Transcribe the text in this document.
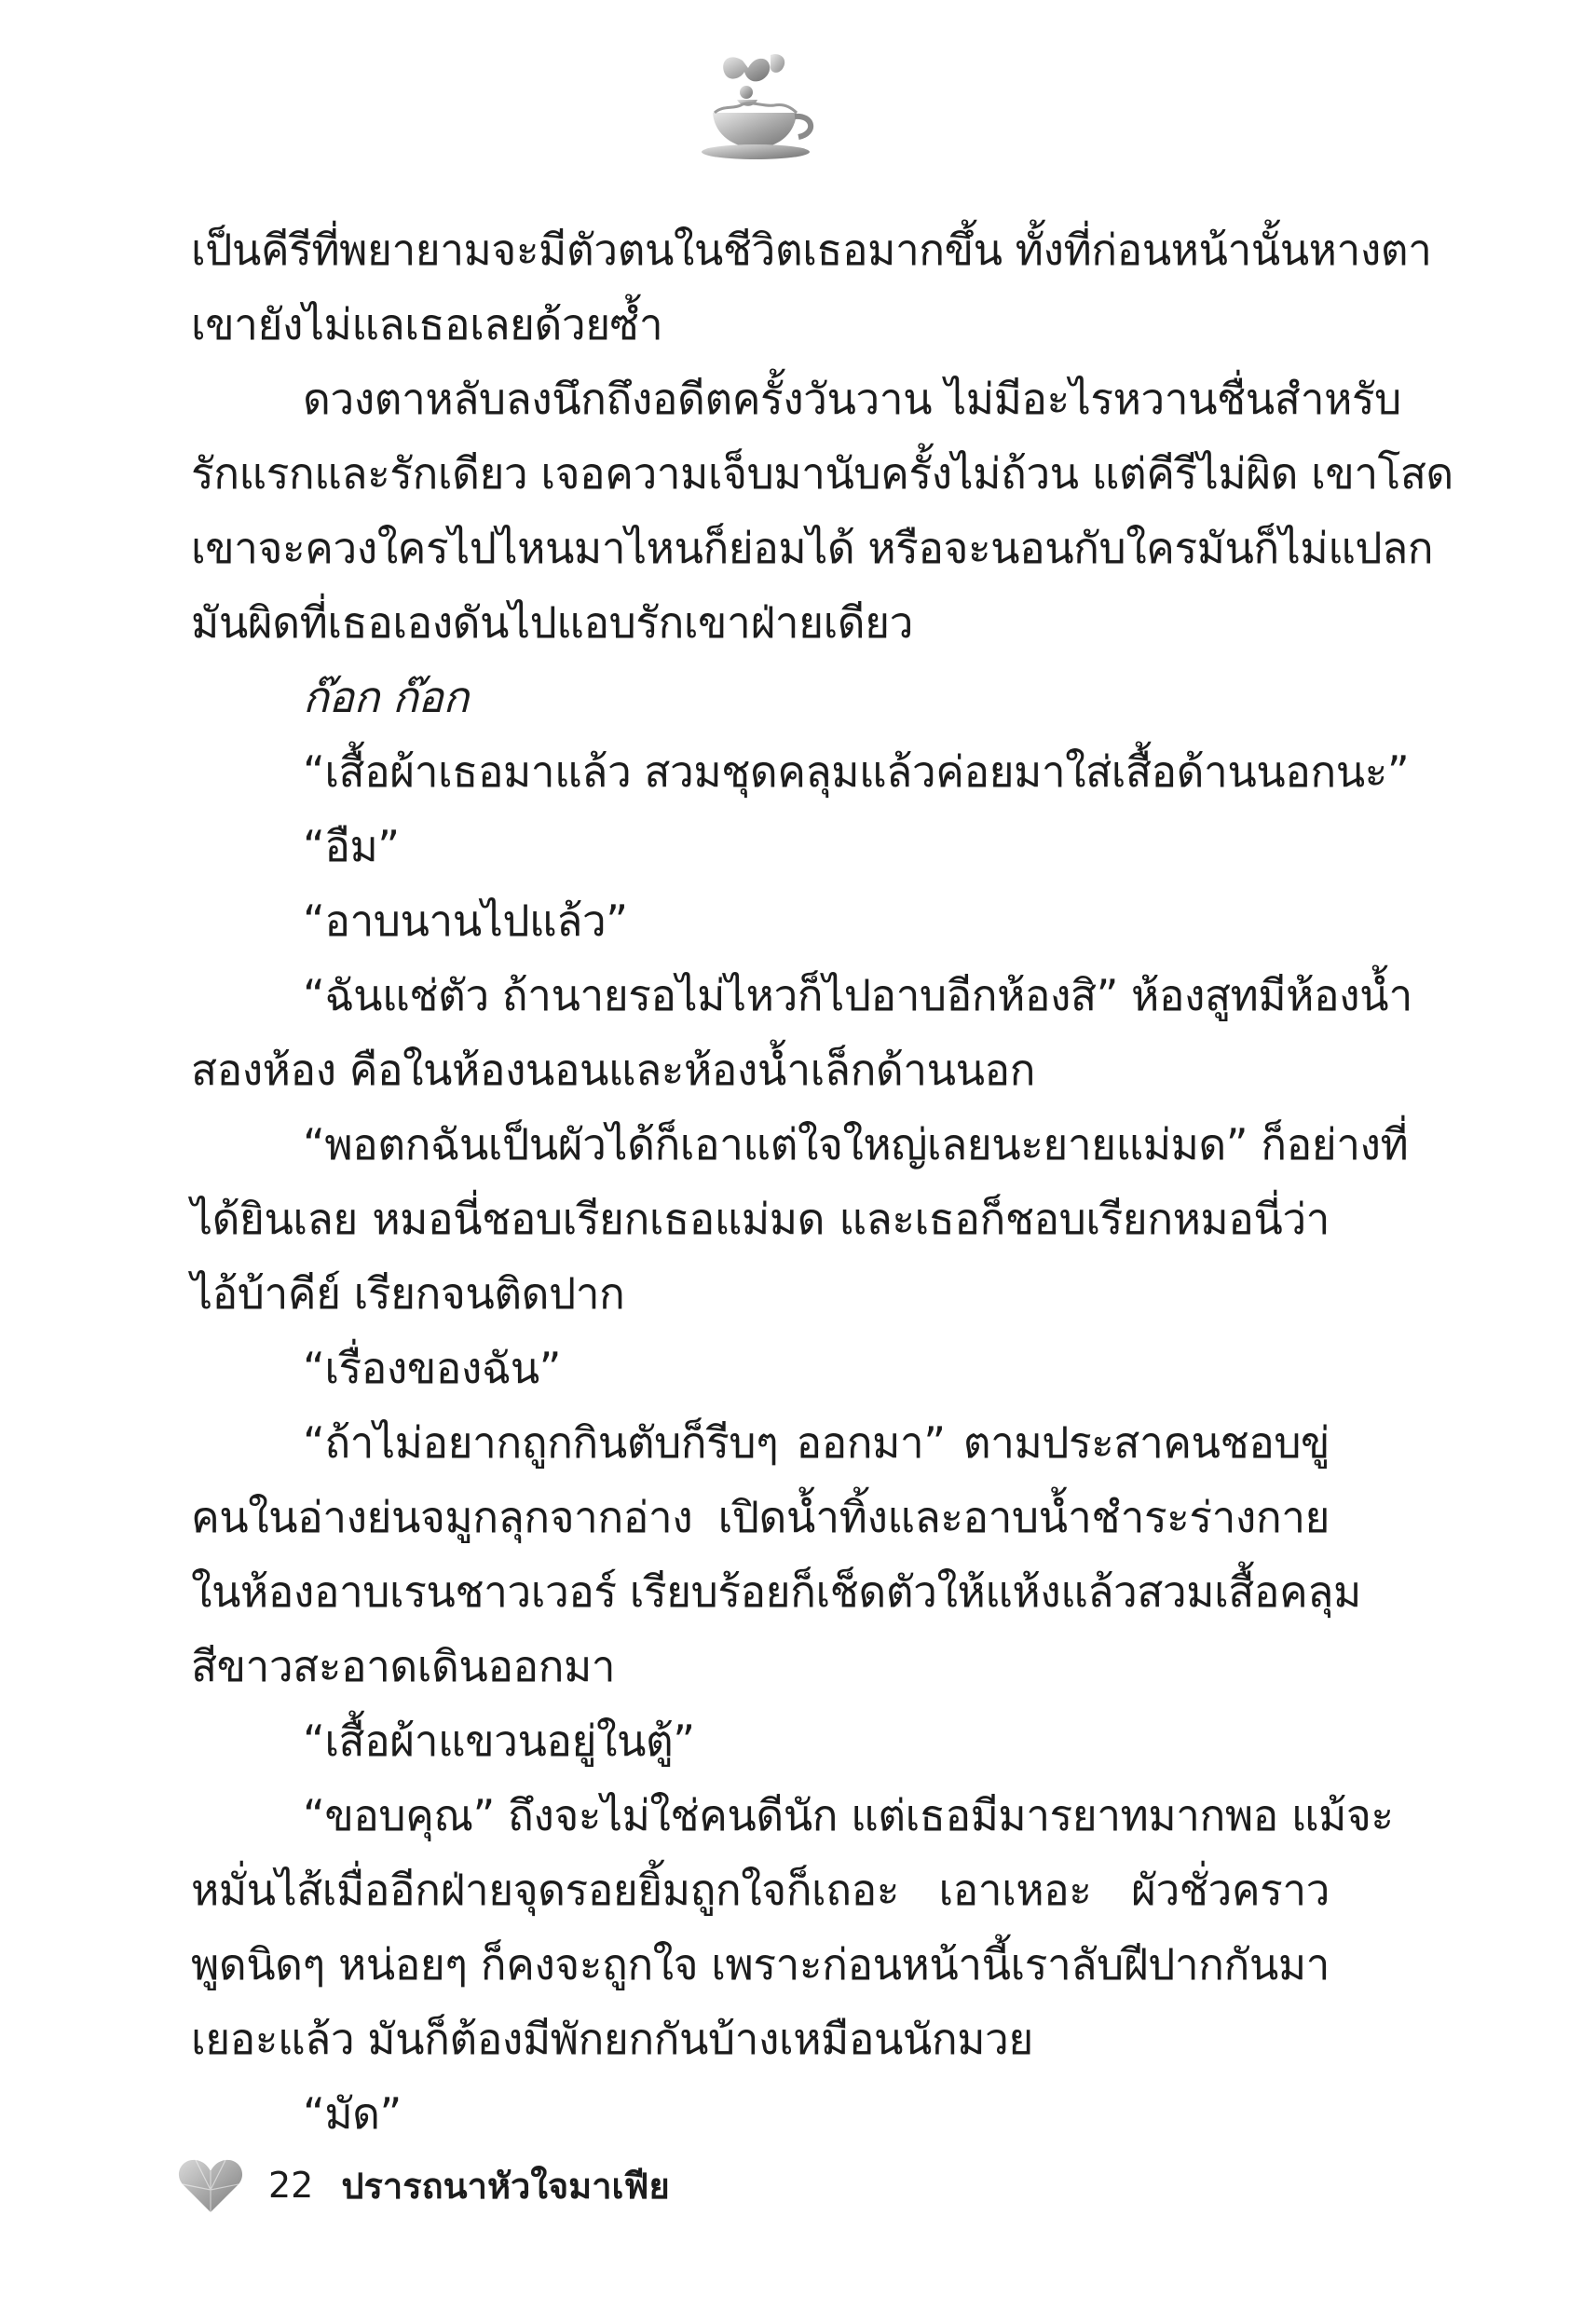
เป็นคีรีที่พยายามจะมีตัวตนในชีวิตเธอมากขึ้น ทั้งที่ก่อนหน้านั้นหางตา
เขายังไม่แลเธอเลยด้วยซ้ำ
ดวงตาหลับลงนึกถึงอดีตครั้งวันวาน ไม่มีอะไรหวานชื่นสำหรับ
รักแรกและรักเดียว เจอความเจ็บมานับครั้งไม่ถ้วน แต่คีรีไม่ผิด เขาโสด
เขาจะควงใครไปไหนมาไหนก็ย่อมได้ หรือจะนอนกับใครมันก็ไม่แปลก
มันผิดที่เธอเองดันไปแอบรักเขาฝ่ายเดียว
ก๊อก ก๊อก
“เสื้อผ้าเธอมาแล้ว สวมชุดคลุมแล้วค่อยมาใส่เสื้อด้านนอกนะ”
“อืม”
“อาบนานไปแล้ว”
“ฉันแช่ตัว ถ้านายรอไม่ไหวก็ไปอาบอีกห้องสิ” ห้องสูทมีห้องน้ำ
สองห้อง คือในห้องนอนและห้องน้ำเล็กด้านนอก
“พอตกฉันเป็นผัวได้ก็เอาแต่ใจใหญ่เลยนะยายแม่มด” ก็อย่างที่
ได้ยินเลย หมอนี่ชอบเรียกเธอแม่มด และเธอก็ชอบเรียกหมอนี่ว่า
ไอ้บ้าคีย์ เรียกจนติดปาก
“เรื่องของฉัน”
“ถ้าไม่อยากถูกกินตับก็รีบๆ ออกมา” ตามประสาคนชอบขู่
คนในอ่างย่นจมูกลุกจากอ่าง เปิดน้ำทิ้งและอาบน้ำชำระร่างกาย
ในห้องอาบเรนชาวเวอร์ เรียบร้อยก็เช็ดตัวให้แห้งแล้วสวมเสื้อคลุม
สีขาวสะอาดเดินออกมา
“เสื้อผ้าแขวนอยู่ในตู้”
“ขอบคุณ” ถึงจะไม่ใช่คนดีนัก แต่เธอมีมารยาทมากพอ แม้จะ
หมั่นไส้เมื่ออีกฝ่ายจุดรอยยิ้มถูกใจก็เถอะ เอาเหอะ ผัวชั่วคราว
พูดนิดๆ หน่อยๆ ก็คงจะถูกใจ เพราะก่อนหน้านี้เราลับฝีปากกันมา
เยอะแล้ว มันก็ต้องมีพักยกกันบ้างเหมือนนักมวย
“มัด”
22 ปรารถนาหัวใจมาเฟีย
